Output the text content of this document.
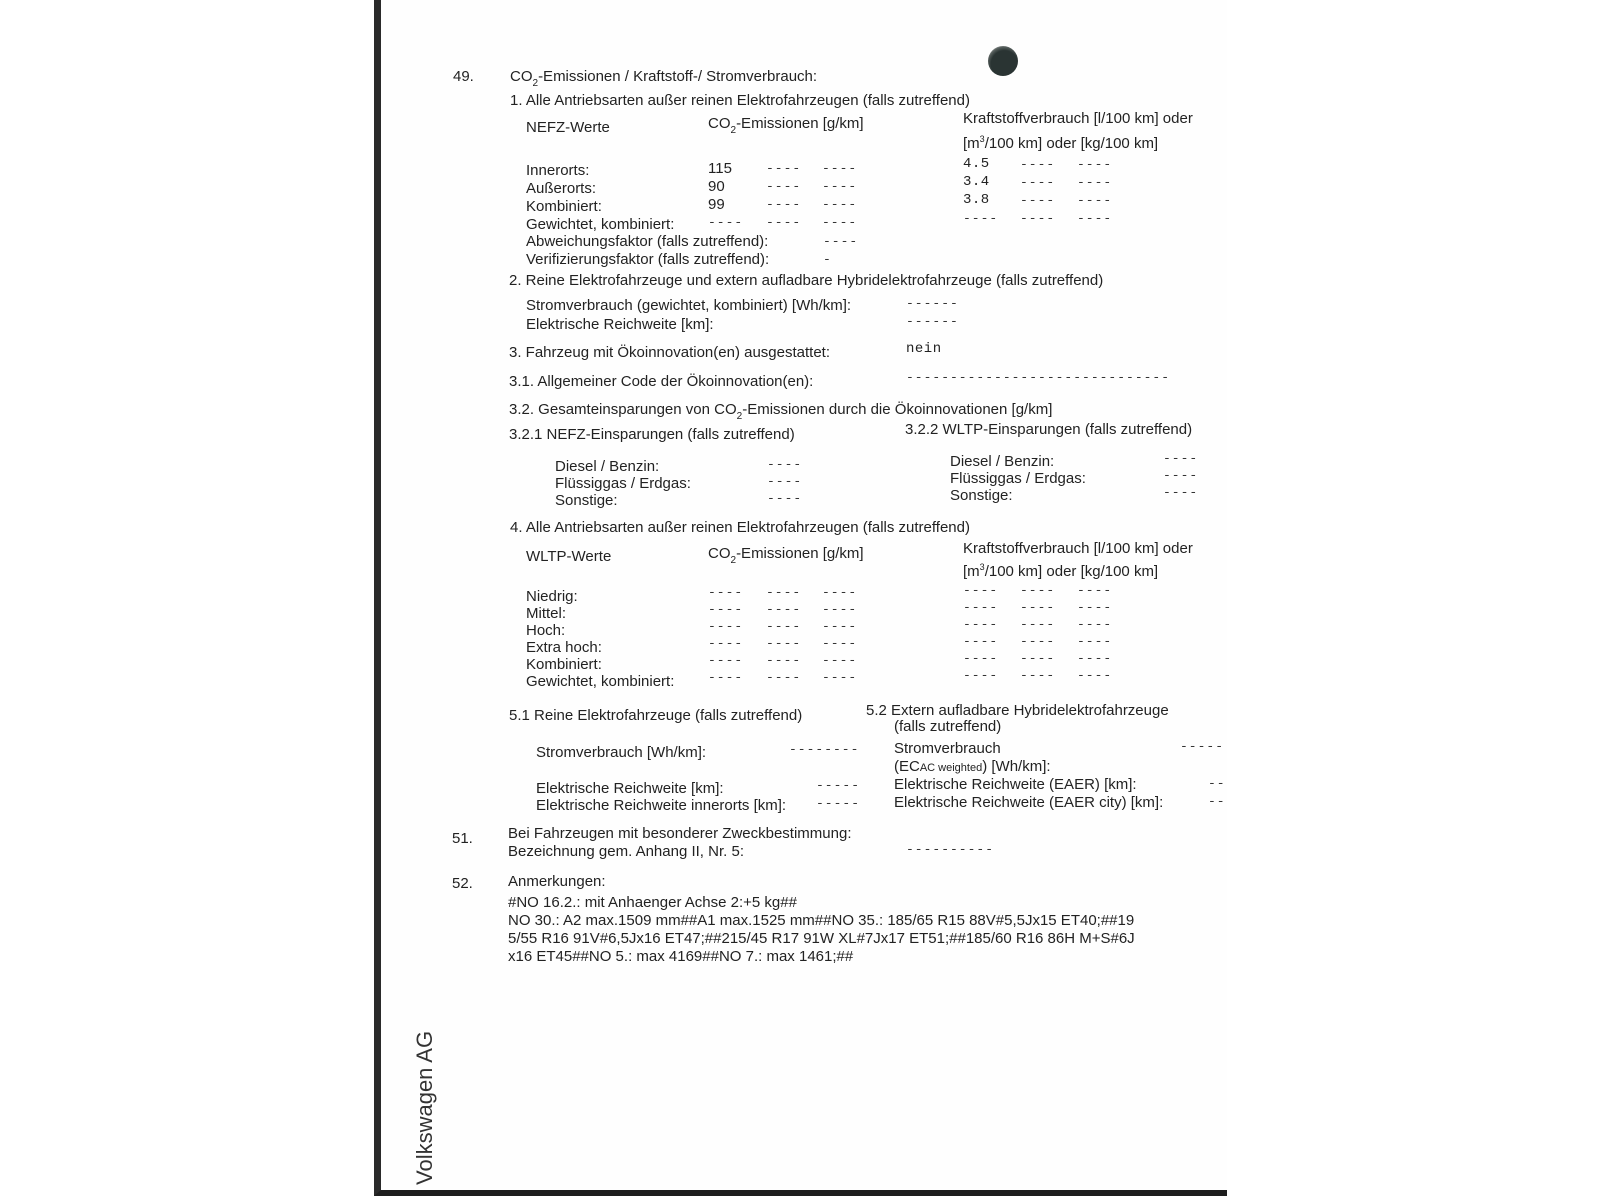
49. $CO_2$-Emissionen / Kraftstoff-/ Stromverbrauch:
1. Alle Antriebsarten außer reinen Elektrofahrzeugen (falls zutreffend)
NEFZ-Werte	$CO_2$-Emissionen [g/km]	Kraftstoffverbrauch [l/100 km] oder
[$m^3/100$ km] oder [kg/100 km]
Innerorts:	115	---- ----	4.5 ---- ----
Außerorts:	90	---- ----	3.4 ---- ----
Kombiniert:	99	---- ----	3.8 ---- ----
Gewichtet, kombiniert:	---- ---- ----	---- ---- ----
Abweichungsfaktor (falls zutreffend):	----
Verifizierungsfaktor (falls zutreffend):	-
2. Reine Elektrofahrzeuge und extern aufladbare Hybridelektrofahrzeuge (falls zutreffend)
Stromverbrauch (gewichtet, kombiniert) [Wh/km]:	------
Elektrische Reichweite [km]:	------
3. Fahrzeug mit Ökoinnovation(en) ausgestattet:	nein
3.1. Allgemeiner Code der Ökoinnovation(en):	------------------------------
3.2. Gesamteinsparungen von $CO_2$-Emissionen durch die Ökoinnovationen [g/km]
3.2.1 NEFZ-Einsparungen (falls zutreffend)	3.2.2 WLTP-Einsparungen (falls zutreffend)
Diesel / Benzin:	----
Flüssiggas / Erdgas:	----
Sonstige:	----
Diesel / Benzin:	----
Flüssiggas / Erdgas:	----
Sonstige:	----
4. Alle Antriebsarten außer reinen Elektrofahrzeugen (falls zutreffend)
WLTP-Werte	$CO_2$-Emissionen [g/km]	Kraftstoffverbrauch [l/100 km] oder
[$m^3/100$ km] oder [kg/100 km]
Niedrig:	---- ---- ----	---- ---- ----
Mittel:	---- ---- ----	---- ---- ----
Hoch:	---- ---- ----	---- ---- ----
Extra hoch:	---- ---- ----	---- ---- ----
Kombiniert:	---- ---- ----	---- ---- ----
Gewichtet, kombiniert:	---- ---- ----	---- ---- ----
5.1 Reine Elektrofahrzeuge (falls zutreffend)
Stromverbrauch [Wh/km]:	--------
Elektrische Reichweite [km]:	-----
Elektrische Reichweite innerorts [km]: -----
5.2 Extern aufladbare Hybridelektrofahrzeuge
(falls zutreffend)
Stromverbrauch
(ECAC weighted) [Wh/km]:
-----
Elektrische Reichweite (EAER) [km]:	--
Elektrische Reichweite (EAER city) [km]:	--
51. Bei Fahrzeugen mit besonderer Zweckbestimmung:
Bezeichnung gem. Anhang II, Nr. 5:	----------
52. Anmerkungen:
#NO 16.2.: mit Anhaenger Achse 2:+5 kg##
NO 30.: A2 max.1509 mm##A1 max.1525 mm##NO 35.: 185/65 R15 88V#5,5Jx15 ET40;##19
5/55 R16 91V#6,5Jx16 ET47;##215/45 R17 91W XL#7Jx17 ET51;##185/60 R16 86H M+S#6J
x16 ET45##NO 5.: max 4169##NO 7.: max 1461;##
Volkswagen AG
